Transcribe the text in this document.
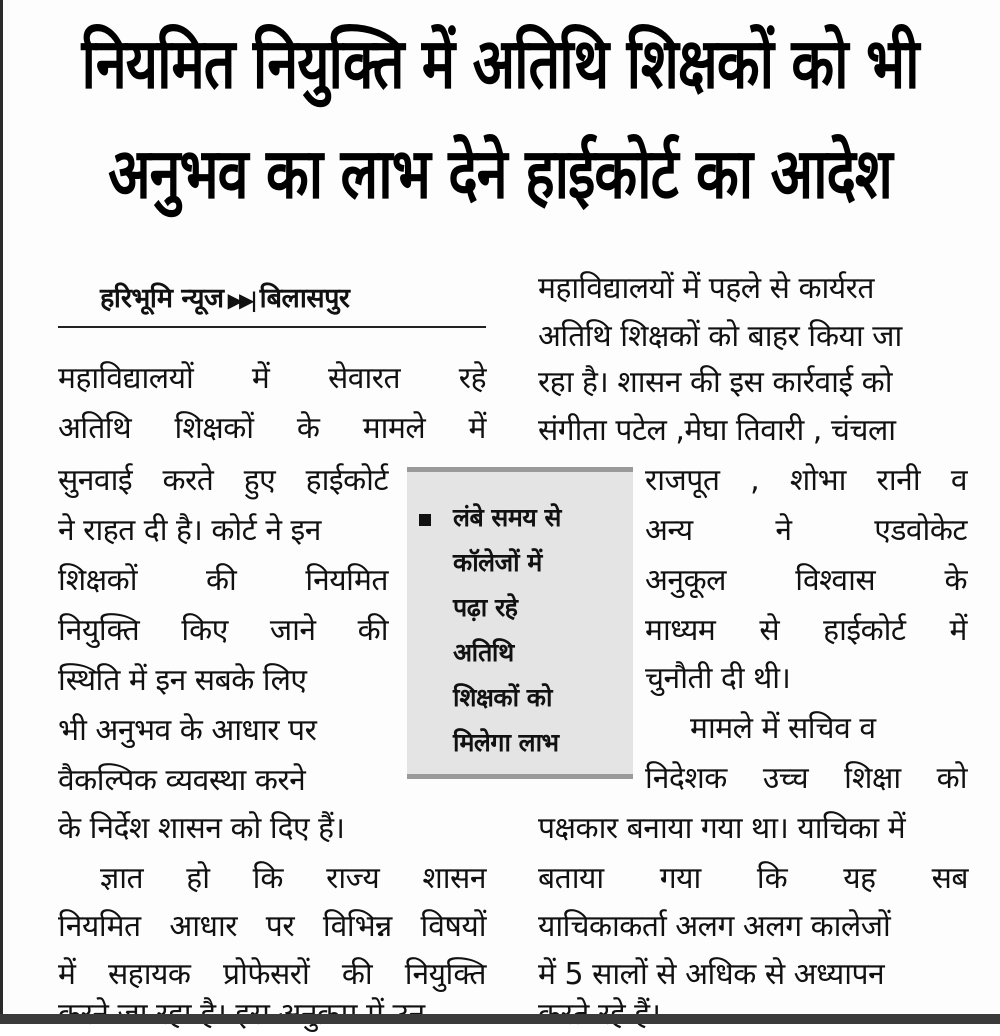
नियमित नियुक्ति में अतिथि शिक्षकों को भी
अनुभव का लाभ देने हाईकोर्ट का आदेश
हरिभूमि न्यूज ▶▶| बिलासपुर
महाविद्यालयों में सेवारत रहे
अतिथि शिक्षकों के मामले में
सुनवाई करते हुए हाईकोर्ट
ने राहत दी है। कोर्ट ने इन
शिक्षकों की नियमित
नियुक्ति किए जाने की
स्थिति में इन सबके लिए
भी अनुभव के आधार पर
वैकल्पिक व्यवस्था करने
के निर्देश शासन को दिए हैं।
ज्ञात हो कि राज्य शासन
नियमित आधार पर विभिन्न विषयों
में सहायक प्रोफेसरों की नियुक्ति
लंबे समय से
कॉलेजों में
पढ़ा रहे
अतिथि
शिक्षकों को
मिलेगा लाभ
महाविद्यालयों में पहले से कार्यरत
अतिथि शिक्षकों को बाहर किया जा
रहा है। शासन की इस कार्रवाई को
संगीता पटेल ,मेघा तिवारी , चंचला
राजपूत , शोभा रानी व
अन्य ने एडवोकेट
अनुकूल विश्वास के
माध्यम से हाईकोर्ट में
चुनौती दी थी।
मामले में सचिव व
निदेशक उच्च शिक्षा को
पक्षकार बनाया गया था। याचिका में
बताया गया कि यह सब
याचिकाकर्ता अलग अलग कालेजों
में 5 सालों से अधिक से अध्यापन
